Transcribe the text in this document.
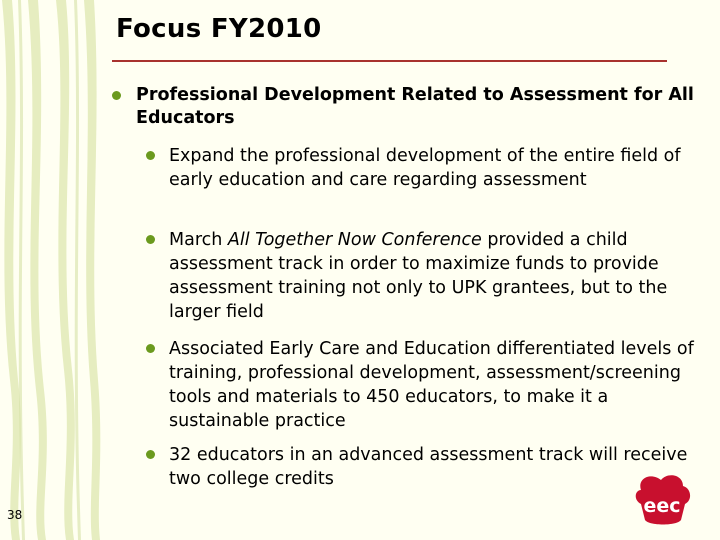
Focus FY2010
Professional Development Related to Assessment for All Educators
Expand the professional development of the entire field of early education and care regarding assessment
March All Together Now Conference provided a child assessment track in order to maximize funds to provide assessment training not only to UPK grantees, but to the larger field
Associated Early Care and Education differentiated levels of training, professional development, assessment/screening tools and materials to 450 educators, to make it a sustainable practice
32 educators in an advanced assessment track will receive two college credits
38	eec
